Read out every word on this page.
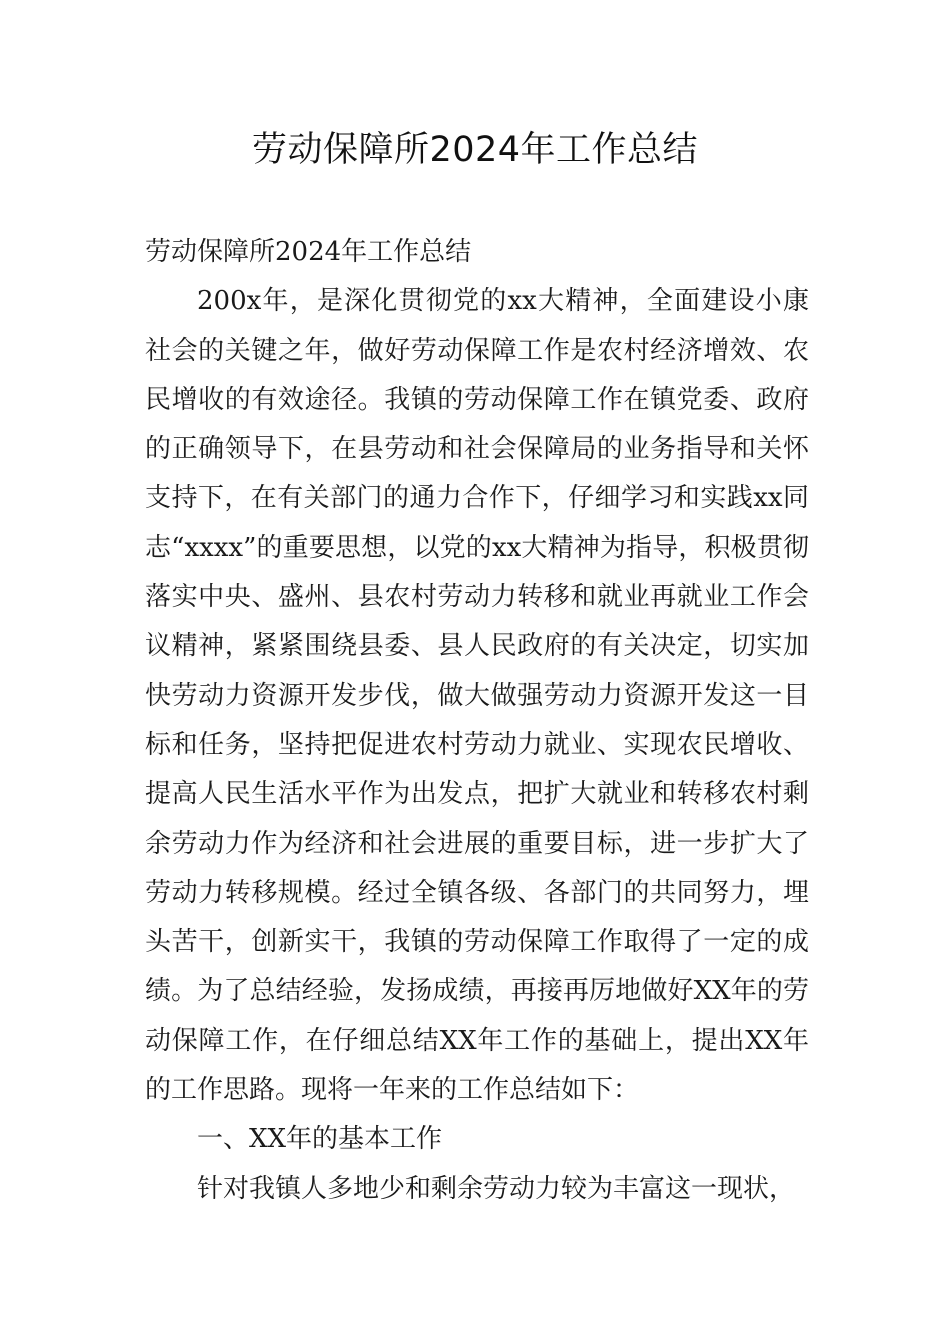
劳动保障所2024年工作总结

劳动保障所2024年工作总结

200x年，是深化贯彻党的xx大精神，全面建设小康社会的关键之年，做好劳动保障工作是农村经济增效、农民增收的有效途径。我镇的劳动保障工作在镇党委、政府的正确领导下，在县劳动和社会保障局的业务指导和关怀支持下，在有关部门的通力合作下，仔细学习和实践xx同志“xxxx”的重要思想，以党的xx大精神为指导，积极贯彻落实中央、盛州、县农村劳动力转移和就业再就业工作会议精神，紧紧围绕县委、县人民政府的有关决定，切实加快劳动力资源开发步伐，做大做强劳动力资源开发这一目标和任务，坚持把促进农村劳动力就业、实现农民增收、提高人民生活水平作为出发点，把扩大就业和转移农村剩余劳动力作为经济和社会进展的重要目标，进一步扩大了劳动力转移规模。经过全镇各级、各部门的共同努力，埋头苦干，创新实干，我镇的劳动保障工作取得了一定的成绩。为了总结经验，发扬成绩，再接再厉地做好XX年的劳动保障工作，在仔细总结XX年工作的基础上，提出XX年的工作思路。现将一年来的工作总结如下：

一、XX年的基本工作

针对我镇人多地少和剩余劳动力较为丰富这一现状，
